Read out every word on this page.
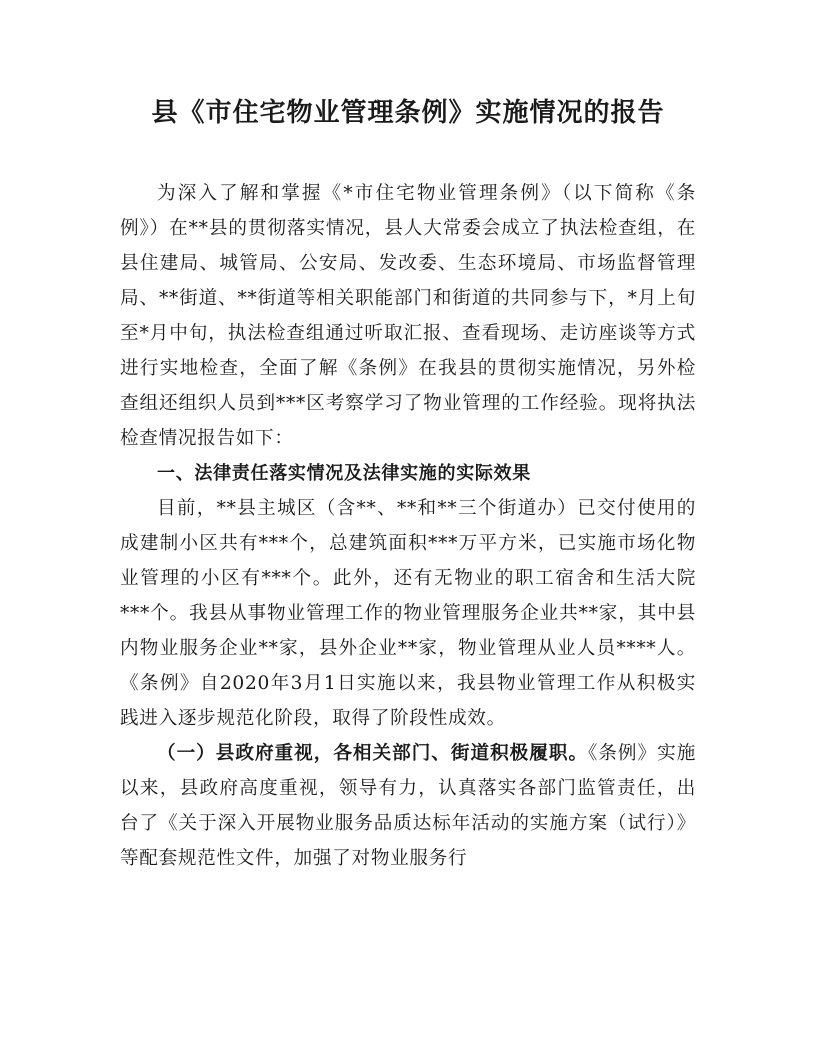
县《市住宅物业管理条例》实施情况的报告

为深入了解和掌握《*市住宅物业管理条例》（以下简称《条例》）在**县的贯彻落实情况，县人大常委会成立了执法检查组，在县住建局、城管局、公安局、发改委、生态环境局、市场监督管理局、**街道、**街道等相关职能部门和街道的共同参与下，*月上旬至*月中旬，执法检查组通过听取汇报、查看现场、走访座谈等方式进行实地检查，全面了解《条例》在我县的贯彻实施情况，另外检查组还组织人员到***区考察学习了物业管理的工作经验。现将执法检查情况报告如下：

一、法律责任落实情况及法律实施的实际效果

目前，**县主城区（含**、**和**三个街道办）已交付使用的成建制小区共有***个，总建筑面积***万平方米，已实施市场化物业管理的小区有***个。此外，还有无物业的职工宿舍和生活大院***个。我县从事物业管理工作的物业管理服务企业共**家，其中县内物业服务企业**家，县外企业**家，物业管理从业人员****人。《条例》自2020年3月1日实施以来，我县物业管理工作从积极实践进入逐步规范化阶段，取得了阶段性成效。

（一）县政府重视，各相关部门、街道积极履职。《条例》实施以来，县政府高度重视，领导有力，认真落实各部门监管责任，出台了《关于深入开展物业服务品质达标年活动的实施方案（试行）》等配套规范性文件，加强了对物业服务行
